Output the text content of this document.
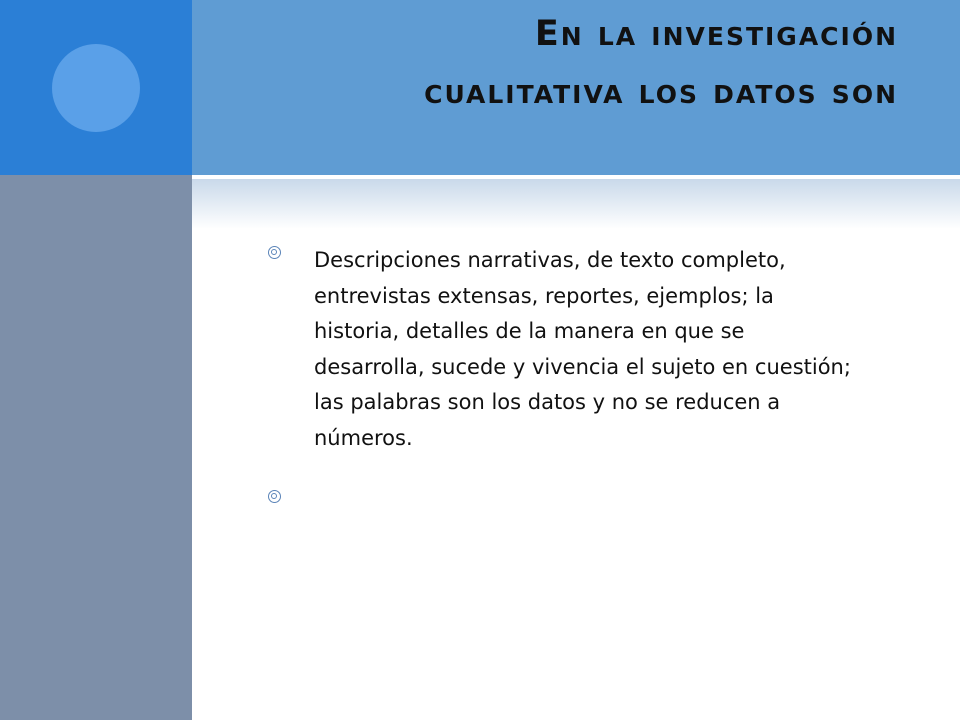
En la investigación
cualitativa los datos son

Descripciones narrativas, de texto completo, entrevistas extensas, reportes, ejemplos; la historia, detalles de la manera en que se desarrolla, sucede y vivencia el sujeto en cuestión; las palabras son los datos y no se reducen a números.
